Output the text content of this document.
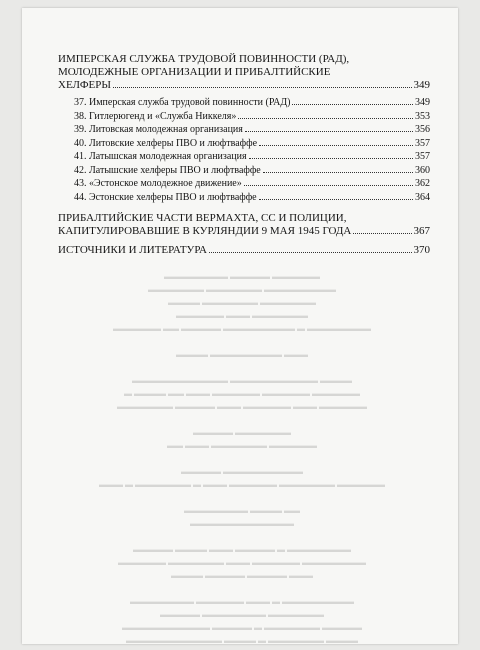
▬▬▬▬▬▬ ▬▬▬▬▬ ▬▬▬▬▬▬▬▬
▬▬▬▬▬▬▬▬▬ ▬▬▬▬▬▬▬ ▬▬▬▬▬▬▬
▬▬▬▬▬▬▬ ▬▬▬▬▬▬▬ ▬▬▬▬
▬▬▬▬▬▬▬ ▬▬▬ ▬▬▬▬▬▬
▬▬▬▬▬▬▬▬ ▬ ▬▬▬▬▬▬▬▬▬ ▬▬▬▬▬ ▬▬ ▬▬▬▬▬▬

▬▬▬ ▬▬▬▬▬▬▬▬▬ ▬▬▬▬

▬▬▬▬ ▬▬▬▬▬▬▬▬▬▬▬ ▬▬▬▬▬▬▬▬▬▬▬▬
▬▬▬▬▬▬ ▬▬▬▬▬▬ ▬▬▬▬▬▬ ▬▬▬ ▬▬ ▬▬▬▬ ▬
▬▬▬▬▬▬ ▬▬▬ ▬▬▬▬▬▬ ▬▬▬ ▬▬▬▬▬ ▬▬▬▬▬▬▬

▬▬▬▬▬▬▬ ▬▬▬▬▬
▬▬▬▬▬▬ ▬▬▬▬▬▬▬ ▬▬▬ ▬▬

▬▬▬▬▬▬▬▬▬▬ ▬▬▬▬▬
▬▬▬▬▬▬ ▬▬▬▬▬▬▬ ▬▬▬▬▬▬ ▬▬▬ ▬ ▬▬▬▬▬▬▬ ▬ ▬▬▬

▬▬ ▬▬▬▬ ▬▬▬▬▬▬▬▬
▬▬▬▬▬▬▬▬▬▬▬▬▬

▬▬▬▬▬▬▬▬ ▬ ▬▬▬▬▬ ▬▬▬ ▬▬▬▬ ▬▬▬▬▬
▬▬▬▬▬▬▬▬ ▬▬▬▬▬▬ ▬▬▬ ▬▬▬▬▬▬▬ ▬▬▬▬▬▬
▬▬▬ ▬▬▬▬▬ ▬▬▬▬▬ ▬▬▬▬

▬▬▬▬▬▬▬▬▬ ▬ ▬▬▬ ▬▬▬▬▬▬ ▬▬▬▬▬▬▬▬
▬▬▬▬▬▬▬ ▬▬▬▬▬▬▬▬ ▬▬▬▬▬
▬▬▬▬▬ ▬▬▬▬▬▬▬ ▬ ▬▬▬▬▬ ▬▬▬▬▬▬▬▬▬▬▬
▬▬▬▬ ▬▬▬▬▬▬▬ ▬ ▬▬▬▬ ▬▬▬▬▬▬▬▬▬▬▬▬
ИМПЕРСКАЯ СЛУЖБА ТРУДОВОЙ ПОВИННОСТИ (РАД),
МОЛОДЕЖНЫЕ ОРГАНИЗАЦИИ И ПРИБАЛТИЙСКИЕ
ХЕЛФЕРЫ	349
37. Имперская служба трудовой повинности (РАД)	349
38. Гитлерюгенд и «Служба Никкеля»	353
39. Литовская молодежная организация	356
40. Литовские хелферы ПВО и люфтваффе	357
41. Латышская молодежная организация	357
42. Латышские хелферы ПВО и люфтваффе	360
43. «Эстонское молодежное движение»	362
44. Эстонские хелферы ПВО и люфтваффе	364
ПРИБАЛТИЙСКИЕ ЧАСТИ ВЕРМАХТА, СС И ПОЛИЦИИ,
КАПИТУЛИРОВАВШИЕ В КУРЛЯНДИИ 9 МАЯ 1945 ГОДА	367
ИСТОЧНИКИ И ЛИТЕРАТУРА	370
